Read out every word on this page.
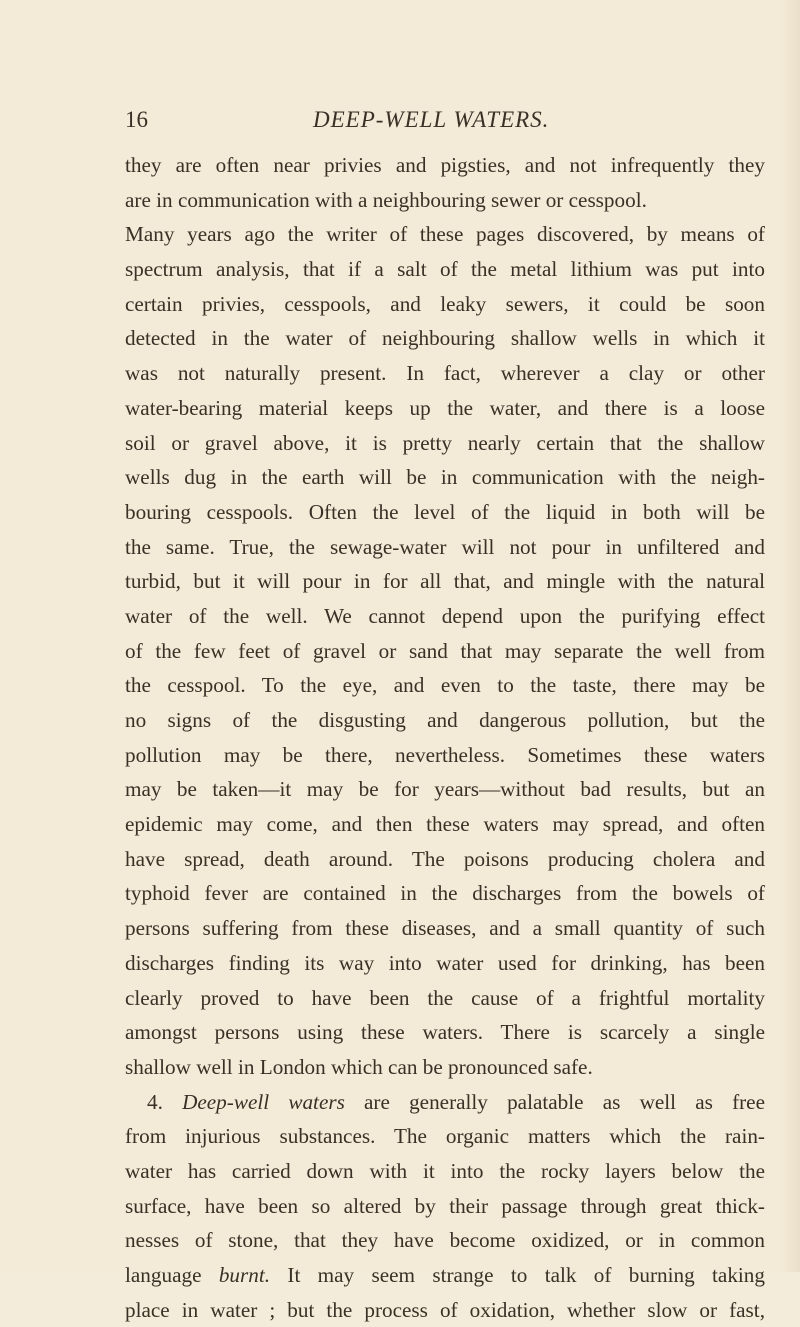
16	DEEP-WELL WATERS.
they are often near privies and pigsties, and not infrequently they
are in communication with a neighbouring sewer or cesspool.
Many years ago the writer of these pages discovered, by means of
spectrum analysis, that if a salt of the metal lithium was put into
certain privies, cesspools, and leaky sewers, it could be soon
detected in the water of neighbouring shallow wells in which it
was not naturally present. In fact, wherever a clay or other
water-bearing material keeps up the water, and there is a loose
soil or gravel above, it is pretty nearly certain that the shallow
wells dug in the earth will be in communication with the neigh-
bouring cesspools. Often the level of the liquid in both will be
the same. True, the sewage-water will not pour in unfiltered and
turbid, but it will pour in for all that, and mingle with the natural
water of the well. We cannot depend upon the purifying effect
of the few feet of gravel or sand that may separate the well from
the cesspool. To the eye, and even to the taste, there may be
no signs of the disgusting and dangerous pollution, but the
pollution may be there, nevertheless. Sometimes these waters
may be taken—it may be for years—without bad results, but an
epidemic may come, and then these waters may spread, and often
have spread, death around. The poisons producing cholera and
typhoid fever are contained in the discharges from the bowels of
persons suffering from these diseases, and a small quantity of such
discharges finding its way into water used for drinking, has been
clearly proved to have been the cause of a frightful mortality
amongst persons using these waters. There is scarcely a single
shallow well in London which can be pronounced safe.
4. Deep-well waters are generally palatable as well as free
from injurious substances. The organic matters which the rain-
water has carried down with it into the rocky layers below the
surface, have been so altered by their passage through great thick-
nesses of stone, that they have become oxidized, or in common
language burnt. It may seem strange to talk of burning taking
place in water ; but the process of oxidation, whether slow or fast,
